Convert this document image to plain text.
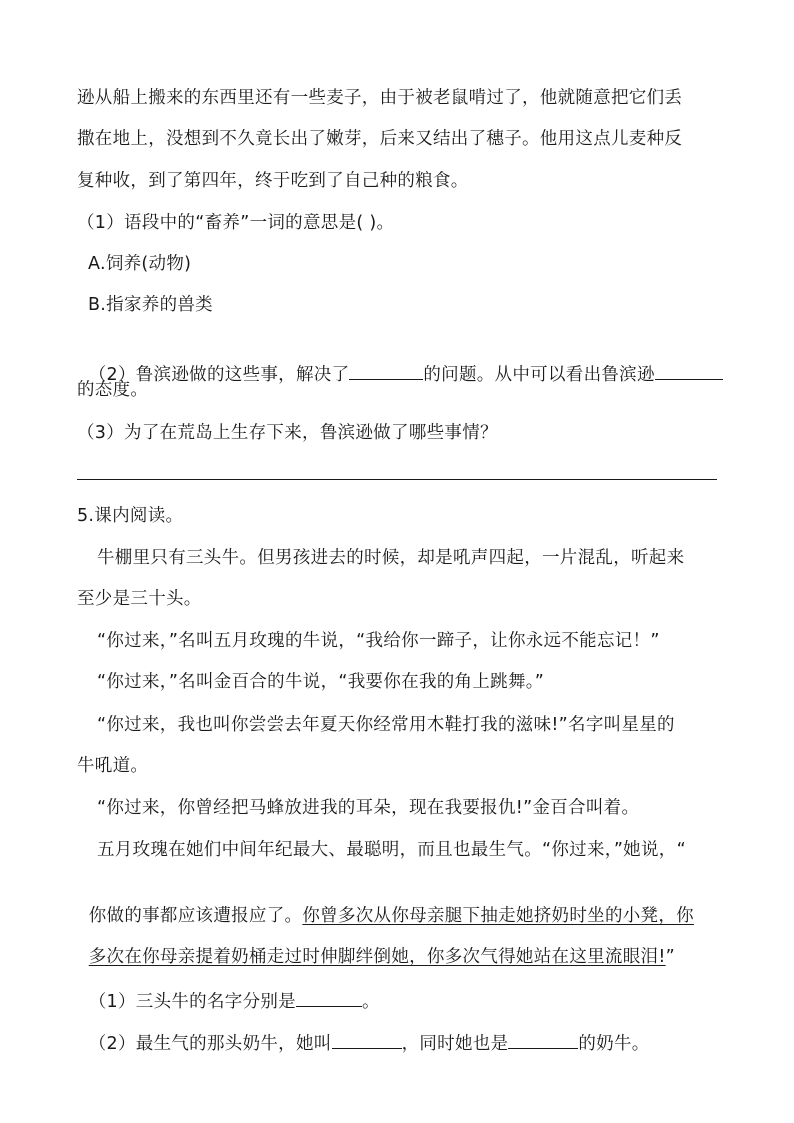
逊从船上搬来的东西里还有一些麦子，由于被老鼠啃过了，他就随意把它们丢
撒在地上，没想到不久竟长出了嫩芽，后来又结出了穗子。他用这点儿麦种反
复种收，到了第四年，终于吃到了自己种的粮食。
（1）语段中的“畜养”一词的意思是( )。
A.饲养(动物)
B.指家养的兽类

（2）鲁滨逊做的这些事，解决了	的问题。从中可以看出鲁滨逊

的态度。
（3）为了在荒岛上生存下来，鲁滨逊做了哪些事情？
5.课内阅读。
牛棚里只有三头牛。但男孩进去的时候，却是吼声四起，一片混乱，听起来
至少是三十头。
“你过来，”名叫五月玫瑰的牛说，“我给你一蹄子，让你永远不能忘记！”
“你过来，”名叫金百合的牛说，“我要你在我的角上跳舞。”
“你过来，我也叫你尝尝去年夏天你经常用木鞋打我的滋味!”名字叫星星的
牛吼道。
“你过来，你曾经把马蜂放进我的耳朵，现在我要报仇!”金百合叫着。
五月玫瑰在她们中间年纪最大、最聪明，而且也最生气。“你过来，”她说，“

你做的事都应该遭报应了。你曾多次从你母亲腿下抽走她挤奶时坐的小凳，你

多次在你母亲提着奶桶走过时伸脚绊倒她，你多次气得她站在这里流眼泪!”

（1）三头牛的名字分别是	。

（2）最生气的那头奶牛，她叫	，同时她也是	的奶牛。
